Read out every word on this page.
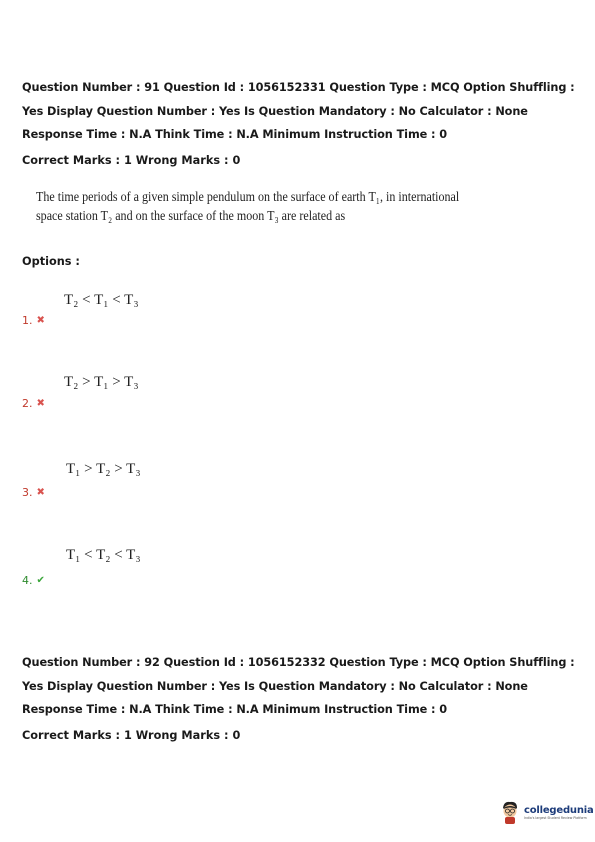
Question Number : 91 Question Id : 1056152331 Question Type : MCQ Option Shuffling : Yes Display Question Number : Yes Is Question Mandatory : No Calculator : None Response Time : N.A Think Time : N.A Minimum Instruction Time : 0
Correct Marks : 1 Wrong Marks : 0
The time periods of a given simple pendulum on the surface of earth T₁, in international
space station T₂ and on the surface of the moon T₃ are related as
Options :
T₂ < T₁ < T₃
1. ✖
T₂ > T₁ > T₃
2. ✖
T₁ > T₂ > T₃
3. ✖
T₁ < T₂ < T₃
4. ✔
Question Number : 92 Question Id : 1056152332 Question Type : MCQ Option Shuffling : Yes Display Question Number : Yes Is Question Mandatory : No Calculator : None Response Time : N.A Think Time : N.A Minimum Instruction Time : 0
Correct Marks : 1 Wrong Marks : 0
collegedunia
India's largest Student Review Platform
